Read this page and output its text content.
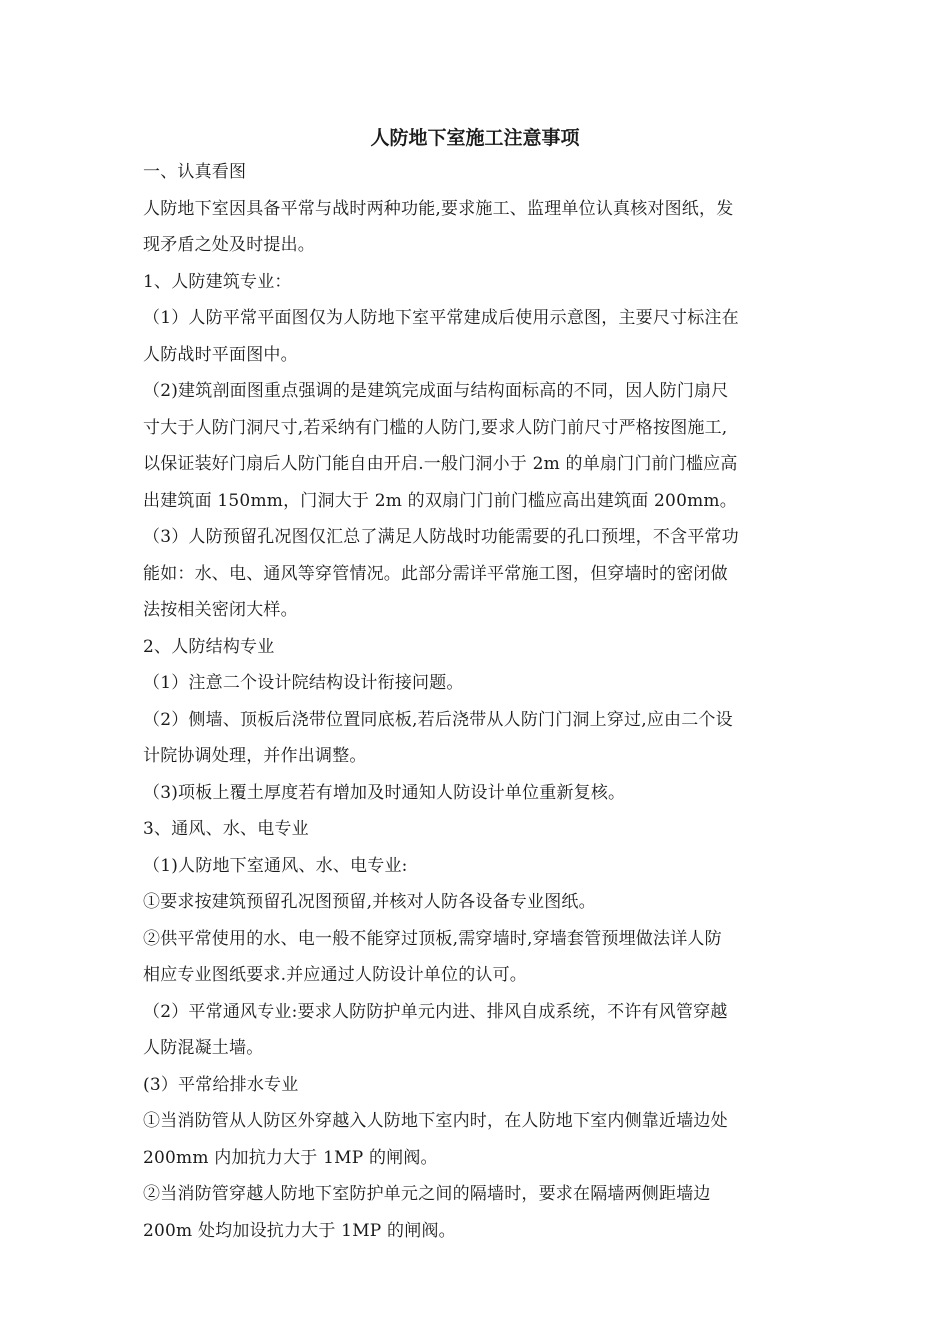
人防地下室施工注意事项
一、认真看图
人防地下室因具备平常与战时两种功能,要求施工、监理单位认真核对图纸，发
现矛盾之处及时提出。
1、人防建筑专业：
（1）人防平常平面图仅为人防地下室平常建成后使用示意图，主要尺寸标注在
人防战时平面图中。
（2)建筑剖面图重点强调的是建筑完成面与结构面标高的不同，因人防门扇尺
寸大于人防门洞尺寸,若采纳有门槛的人防门,要求人防门前尺寸严格按图施工,
以保证装好门扇后人防门能自由开启.一般门洞小于 2m 的单扇门门前门槛应高
出建筑面 150mm，门洞大于 2m 的双扇门门前门槛应高出建筑面 200mm。
（3）人防预留孔况图仅汇总了满足人防战时功能需要的孔口预埋，不含平常功
能如：水、电、通风等穿管情况。此部分需详平常施工图，但穿墙时的密闭做
法按相关密闭大样。
2、人防结构专业
（1）注意二个设计院结构设计衔接问题。
（2）侧墙、顶板后浇带位置同底板,若后浇带从人防门门洞上穿过,应由二个设
计院协调处理，并作出调整。
（3)项板上覆土厚度若有增加及时通知人防设计单位重新复核。
3、通风、水、电专业
（1)人防地下室通风、水、电专业:
①要求按建筑预留孔况图预留,并核对人防各设备专业图纸。
②供平常使用的水、电一般不能穿过顶板,需穿墙时,穿墙套管预埋做法详人防
相应专业图纸要求.并应通过人防设计单位的认可。
（2）平常通风专业:要求人防防护单元内进、排风自成系统，不许有风管穿越
人防混凝土墙。
(3）平常给排水专业
①当消防管从人防区外穿越入人防地下室内时，在人防地下室内侧靠近墙边处
200mm 内加抗力大于 1MP 的闸阀。
②当消防管穿越人防地下室防护单元之间的隔墙时，要求在隔墙两侧距墙边
200m 处均加设抗力大于 1MP 的闸阀。
